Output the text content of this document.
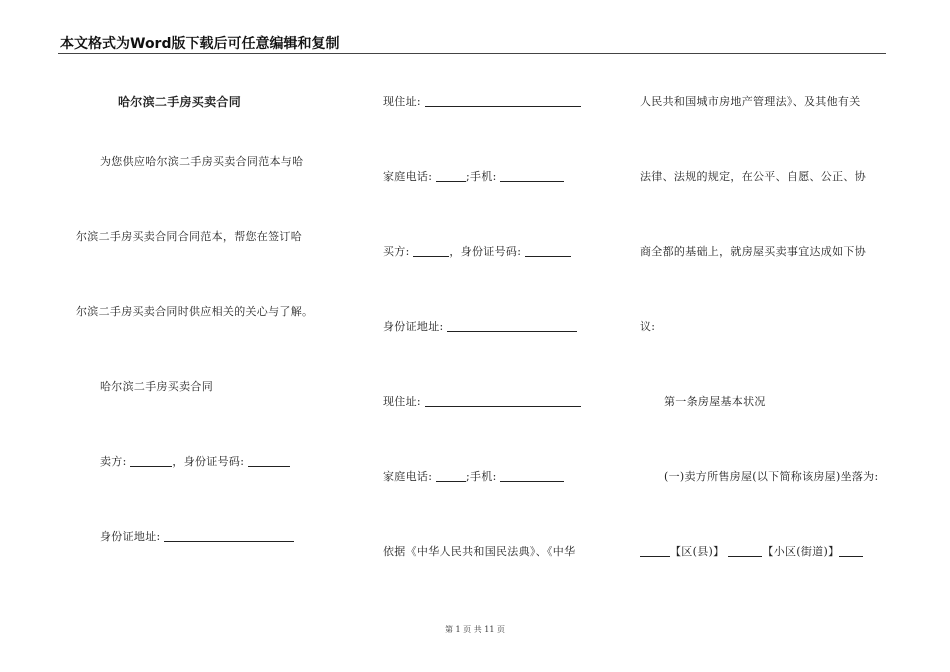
本文格式为Word版下载后可任意编辑和复制
哈尔滨二手房买卖合同
为您供应哈尔滨二手房买卖合同范本与哈
尔滨二手房买卖合同合同范本，帮您在签订哈
尔滨二手房买卖合同时供应相关的关心与了解。
哈尔滨二手房买卖合同
卖方:	，身份证号码:
身份证地址:
现住址:
家庭电话:	;手机:
买方:	，身份证号码:
身份证地址:
现住址:
家庭电话:	;手机:
依据《中华人民共和国民法典》、《中华
人民共和国城市房地产管理法》、及其他有关
法律、法规的规定，在公平、自愿、公正、协
商全都的基础上，就房屋买卖事宜达成如下协
议:
第一条房屋基本状况
(一)卖方所售房屋(以下简称该房屋)坐落为:
【区(县)】	【小区(街道)】
第 1 页 共 11 页
